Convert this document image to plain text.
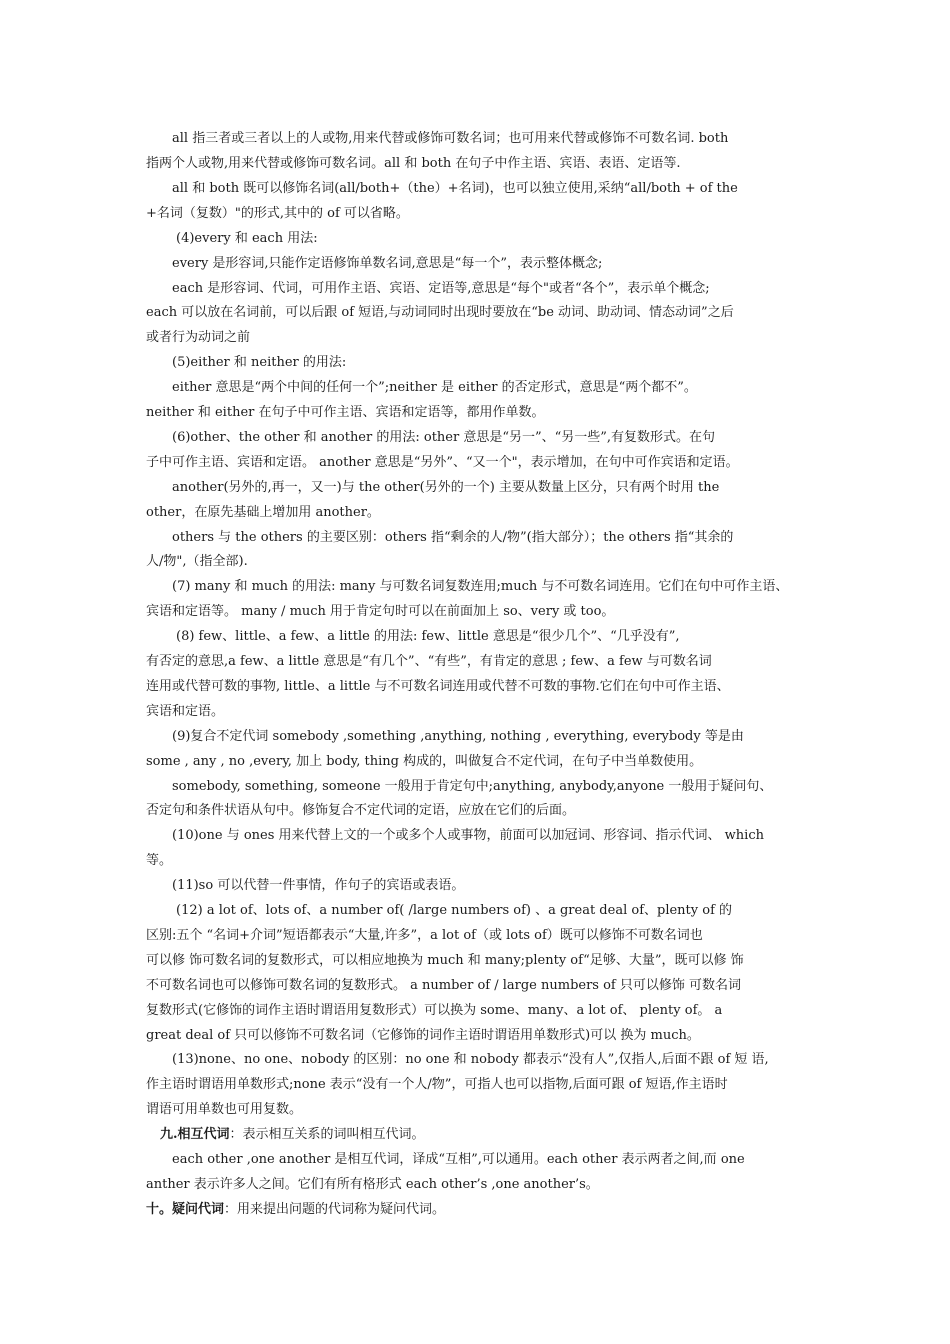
all 指三者或三者以上的人或物,用来代替或修饰可数名词；也可用来代替或修饰不可数名词. both
指两个人或物,用来代替或修饰可数名词。all 和 both 在句子中作主语、宾语、表语、定语等.
all 和 both 既可以修饰名词(all/both+（the）+名词)，也可以独立使用,采纳“all/both + of the
+名词（复数）"的形式,其中的 of 可以省略。
(4)every 和 each 用法:
every 是形容词,只能作定语修饰单数名词,意思是“每一个”，表示整体概念;
each 是形容词、代词，可用作主语、宾语、定语等,意思是“每个"或者“各个”，表示单个概念;
each 可以放在名词前，可以后跟 of 短语,与动词同时出现时要放在“be 动词、助动词、情态动词”之后
或者行为动词之前
(5)either 和 neither 的用法:
either 意思是“两个中间的任何一个”;neither 是 either 的否定形式，意思是“两个都不”。
neither 和 either 在句子中可作主语、宾语和定语等，都用作单数。
(6)other、the other 和 another 的用法: other 意思是“另一”、“另一些”,有复数形式。在句
子中可作主语、宾语和定语。 another 意思是“另外”、“又一个"，表示增加，在句中可作宾语和定语。
another(另外的,再一，又一)与 the other(另外的一个) 主要从数量上区分，只有两个时用 the
other，在原先基础上增加用 another。
others 与 the others 的主要区别：others 指“剩余的人/物”(指大部分）；the others 指“其余的
人/物",（指全部).
(7) many 和 much 的用法: many 与可数名词复数连用;much 与不可数名词连用。它们在句中可作主语、
宾语和定语等。 many / much 用于肯定句时可以在前面加上 so、very 或 too。
(8) few、little、a few、a little 的用法: few、little 意思是“很少几个”、“几乎没有”,
有否定的意思,a few、a little 意思是“有几个”、“有些”，有肯定的意思 ; few、a few 与可数名词
连用或代替可数的事物, little、a little 与不可数名词连用或代替不可数的事物.它们在句中可作主语、
宾语和定语。
(9)复合不定代词 somebody ,something ,anything, nothing , everything, everybody 等是由
some , any , no ,every, 加上 body, thing 构成的，叫做复合不定代词，在句子中当单数使用。
somebody, something, someone 一般用于肯定句中;anything, anybody,anyone 一般用于疑问句、
否定句和条件状语从句中。修饰复合不定代词的定语，应放在它们的后面。
(10)one 与 ones 用来代替上文的一个或多个人或事物，前面可以加冠词、形容词、指示代词、 which
等。
(11)so 可以代替一件事情，作句子的宾语或表语。
(12) a lot of、lots of、a number of( /large numbers of) 、a great deal of、plenty of 的
区别:五个 “名词+介词”短语都表示“大量,许多”，a lot of（或 lots of）既可以修饰不可数名词也
可以修 饰可数名词的复数形式，可以相应地换为 much 和 many;plenty of“足够、大量”，既可以修 饰
不可数名词也可以修饰可数名词的复数形式。 a number of / large numbers of 只可以修饰 可数名词
复数形式(它修饰的词作主语时谓语用复数形式）可以换为 some、many、a lot of、 plenty of。 a
great deal of 只可以修饰不可数名词（它修饰的词作主语时谓语用单数形式)可以 换为 much。
(13)none、no one、nobody 的区别：no one 和 nobody 都表示“没有人”,仅指人,后面不跟 of 短 语,
作主语时谓语用单数形式;none 表示“没有一个人/物”，可指人也可以指物,后面可跟 of 短语,作主语时
谓语可用单数也可用复数。
九.相互代词：表示相互关系的词叫相互代词。
each other ,one another 是相互代词，译成“互相”,可以通用。each other 表示两者之间,而 one
anther 表示许多人之间。它们有所有格形式 each other’s ,one another’s。
十。疑问代词：用来提出问题的代词称为疑问代词。
